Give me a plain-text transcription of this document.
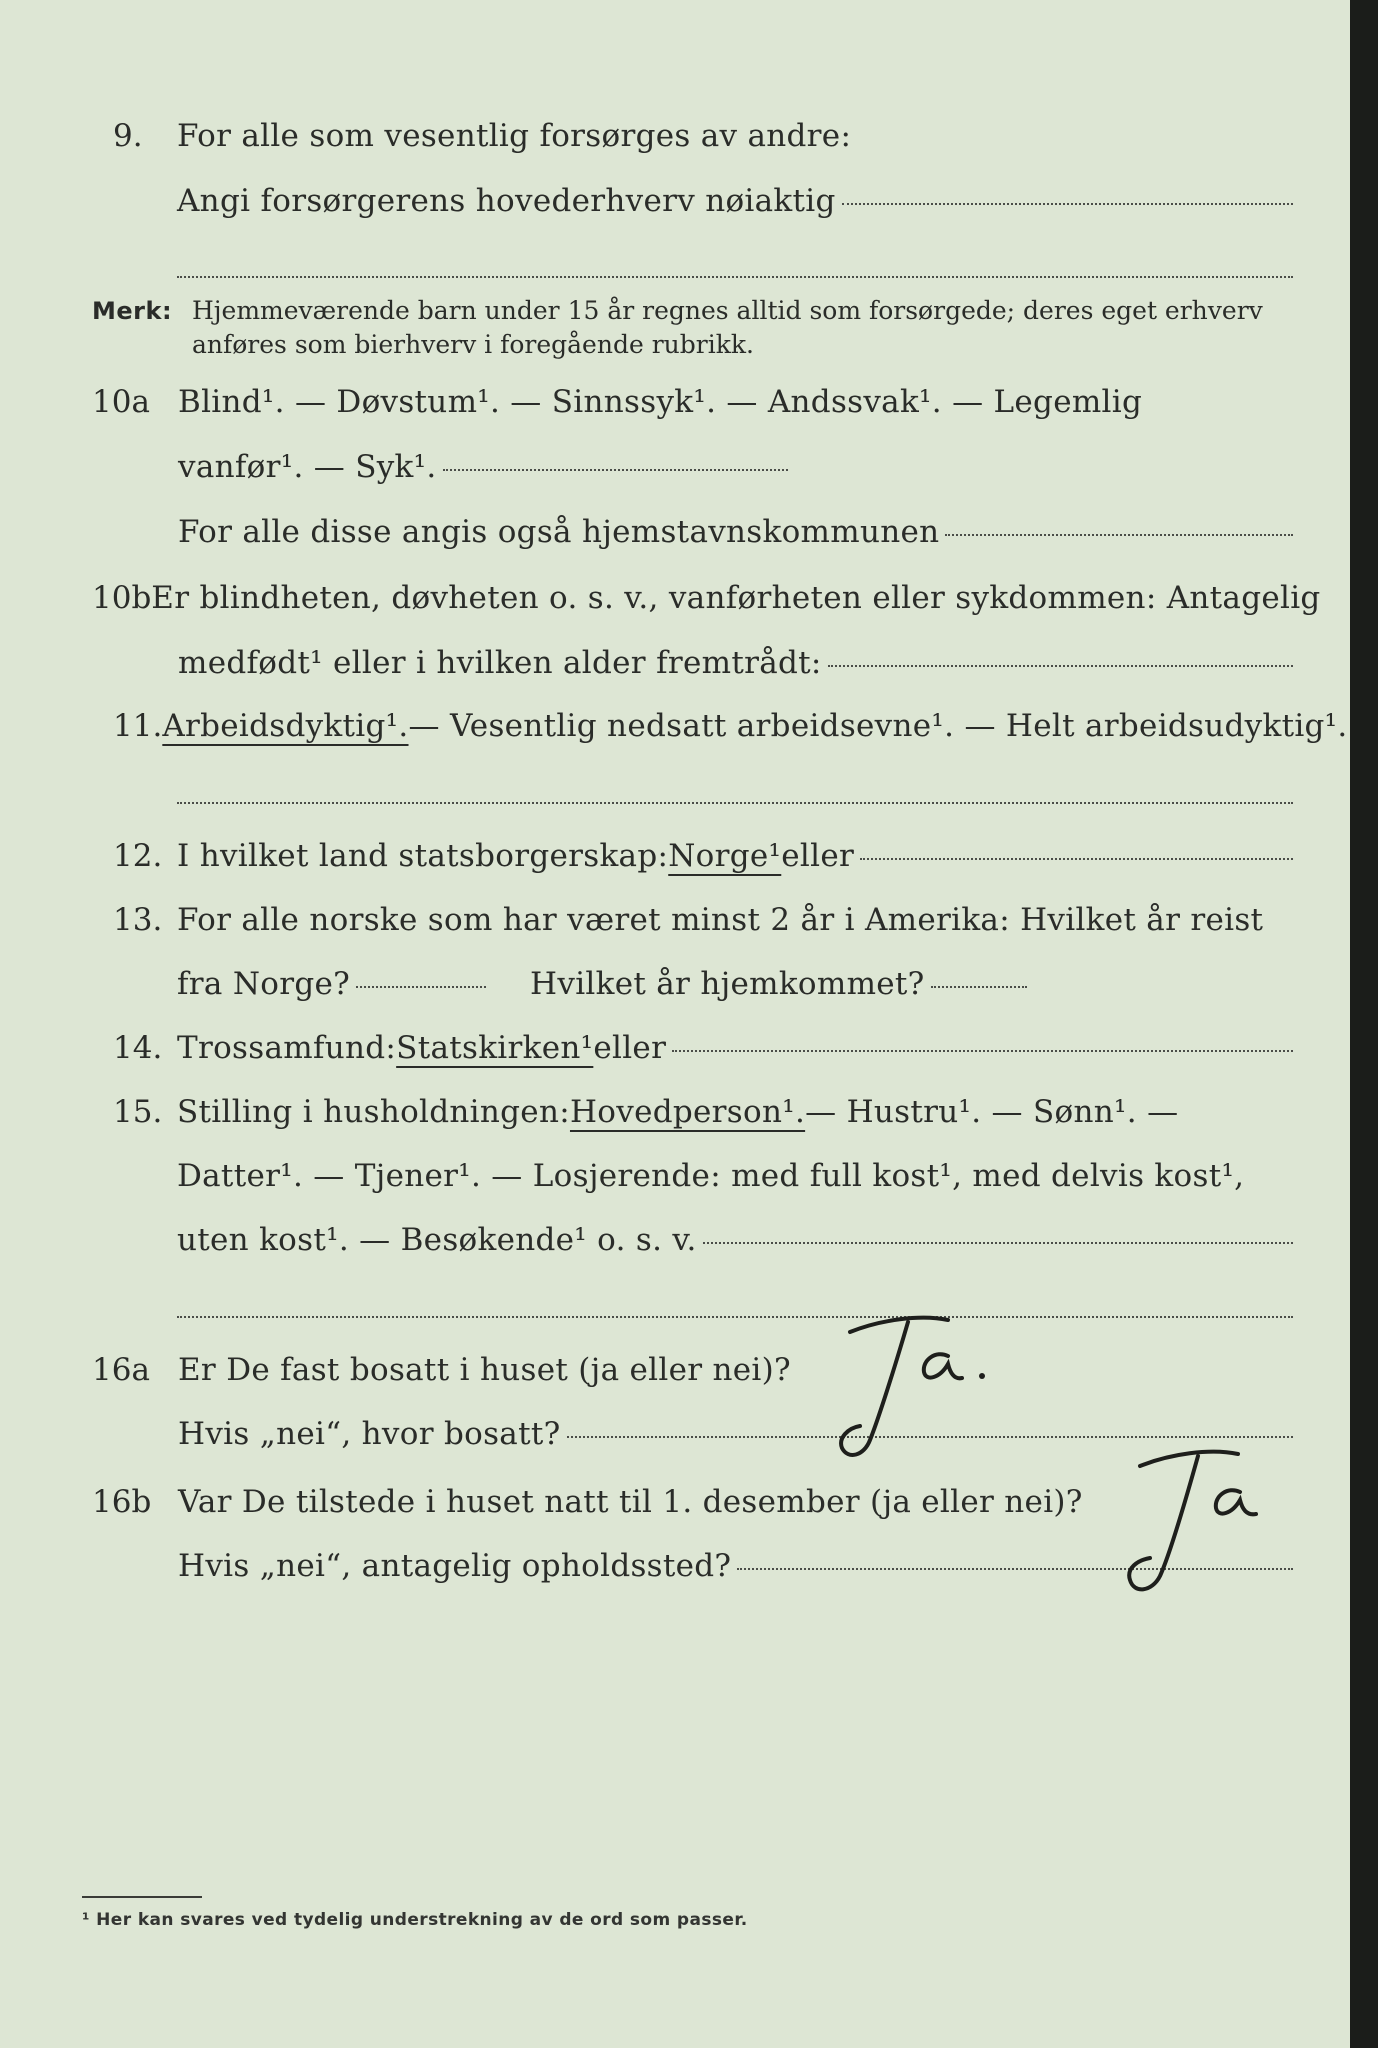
9.	For alle som vesentlig forsørges av andre:
Angi forsørgerens hovederhverv nøiaktig
Merk: Hjemmeværende barn under 15 år regnes alltid som forsørgede; deres eget erhverv
anføres som bierhverv i foregående rubrikk.
10a Blind¹. — Døvstum¹. — Sinnssyk¹. — Andssvak¹. — Legemlig
vanfør¹. — Syk¹.
For alle disse angis også hjemstavnskommunen
10b Er blindheten, døvheten o. s. v., vanførheten eller sykdommen: Antagelig
medfødt¹ eller i hvilken alder fremtrådt:
11. Arbeidsdyktig¹. — Vesentlig nedsatt arbeidsevne¹. — Helt arbeidsudyktig¹.
12. I hvilket land statsborgerskap: Norge¹ eller
13. For alle norske som har været minst 2 år i Amerika: Hvilket år reist
fra Norge?	Hvilket år hjemkommet?
14. Trossamfund: Statskirken¹ eller
15. Stilling i husholdningen: Hovedperson¹. — Hustru¹. — Sønn¹. —
Datter¹. — Tjener¹. — Losjerende: med full kost¹, med delvis kost¹,
uten kost¹. — Besøkende¹ o. s. v.
16a Er De fast bosatt i huset (ja eller nei)?
Hvis „nei“, hvor bosatt?
16b Var De tilstede i huset natt til 1. desember (ja eller nei)?
Hvis „nei“, antagelig opholdssted?
¹ Her kan svares ved tydelig understrekning av de ord som passer.
